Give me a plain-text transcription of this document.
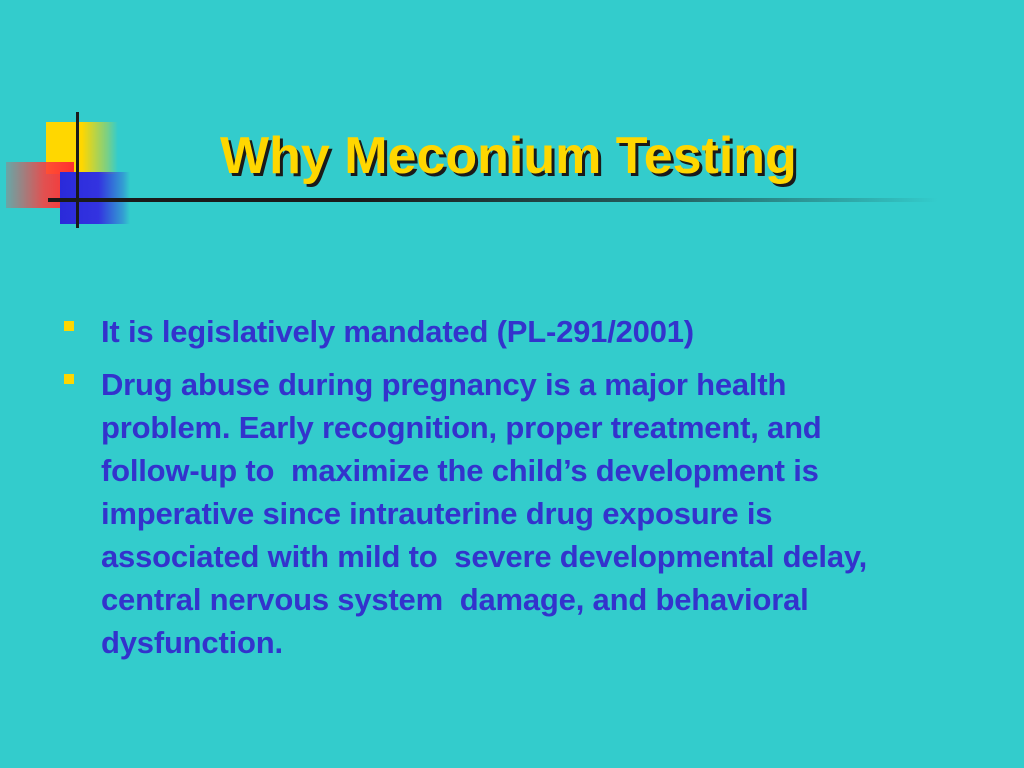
Why Meconium Testing
It is legislatively mandated (PL-291/2001)
Drug abuse during pregnancy is a major health
problem. Early recognition, proper treatment, and
follow-up to  maximize the child’s development is
imperative since intrauterine drug exposure is
associated with mild to  severe developmental delay,
central nervous system  damage, and behavioral
dysfunction.
